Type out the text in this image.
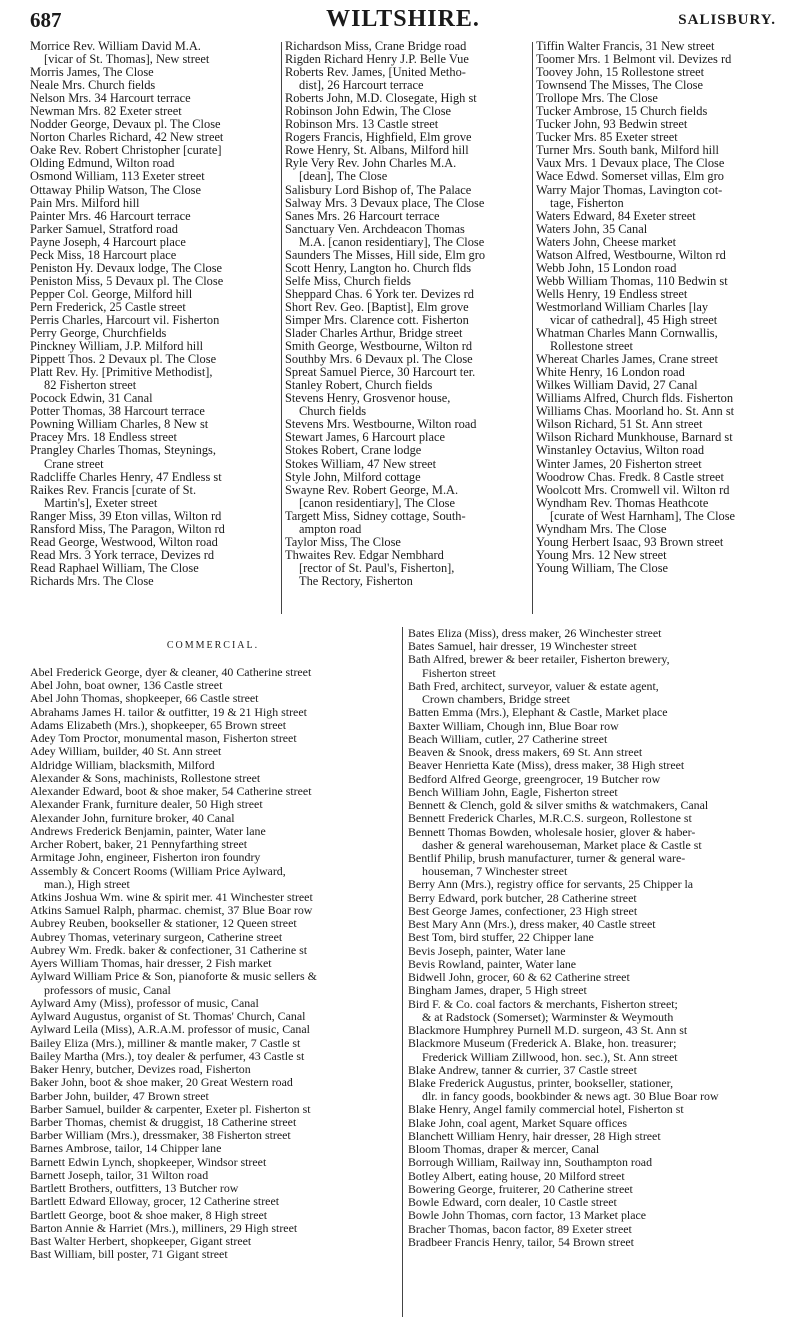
687	WILTSHIRE.	SALISBURY.
Morrice Rev. William David M.A.
[vicar of St. Thomas], New street
Morris James, The Close
Neale Mrs. Church fields
Nelson Mrs. 34 Harcourt terrace
Newman Mrs. 82 Exeter street
Nodder George, Devaux pl. The Close
Norton Charles Richard, 42 New street
Oake Rev. Robert Christopher [curate]
Olding Edmund, Wilton road
Osmond William, 113 Exeter street
Ottaway Philip Watson, The Close
Pain Mrs. Milford hill
Painter Mrs. 46 Harcourt terrace
Parker Samuel, Stratford road
Payne Joseph, 4 Harcourt place
Peck Miss, 18 Harcourt place
Peniston Hy. Devaux lodge, The Close
Peniston Miss, 5 Devaux pl. The Close
Pepper Col. George, Milford hill
Pern Frederick, 25 Castle street
Perris Charles, Harcourt vil. Fisherton
Perry George, Churchfields
Pinckney William, J.P. Milford hill
Pippett Thos. 2 Devaux pl. The Close
Platt Rev. Hy. [Primitive Methodist],
82 Fisherton street
Pocock Edwin, 31 Canal
Potter Thomas, 38 Harcourt terrace
Powning William Charles, 8 New st
Pracey Mrs. 18 Endless street
Prangley Charles Thomas, Steynings,
Crane street
Radcliffe Charles Henry, 47 Endless st
Raikes Rev. Francis [curate of St.
Martin's], Exeter street
Ranger Miss, 39 Eton villas, Wilton rd
Ransford Miss, The Paragon, Wilton rd
Read George, Westwood, Wilton road
Read Mrs. 3 York terrace, Devizes rd
Read Raphael William, The Close
Richards Mrs. The Close
Richardson Miss, Crane Bridge road
Rigden Richard Henry J.P. Belle Vue
Roberts Rev. James, [United Metho-
dist], 26 Harcourt terrace
Roberts John, M.D. Closegate, High st
Robinson John Edwin, The Close
Robinson Mrs. 13 Castle street
Rogers Francis, Highfield, Elm grove
Rowe Henry, St. Albans, Milford hill
Ryle Very Rev. John Charles M.A.
[dean], The Close
Salisbury Lord Bishop of, The Palace
Salway Mrs. 3 Devaux place, The Close
Sanes Mrs. 26 Harcourt terrace
Sanctuary Ven. Archdeacon Thomas
M.A. [canon residentiary], The Close
Saunders The Misses, Hill side, Elm gro
Scott Henry, Langton ho. Church flds
Selfe Miss, Church fields
Sheppard Chas. 6 York ter. Devizes rd
Short Rev. Geo. [Baptist], Elm grove
Simper Mrs. Clarence cott. Fisherton
Slader Charles Arthur, Bridge street
Smith George, Westbourne, Wilton rd
Southby Mrs. 6 Devaux pl. The Close
Spreat Samuel Pierce, 30 Harcourt ter.
Stanley Robert, Church fields
Stevens Henry, Grosvenor house,
Church fields
Stevens Mrs. Westbourne, Wilton road
Stewart James, 6 Harcourt place
Stokes Robert, Crane lodge
Stokes William, 47 New street
Style John, Milford cottage
Swayne Rev. Robert George, M.A.
[canon residentiary], The Close
Targett Miss, Sidney cottage, South-
ampton road
Taylor Miss, The Close
Thwaites Rev. Edgar Nembhard
[rector of St. Paul's, Fisherton],
The Rectory, Fisherton
Tiffin Walter Francis, 31 New street
Toomer Mrs. 1 Belmont vil. Devizes rd
Toovey John, 15 Rollestone street
Townsend The Misses, The Close
Trollope Mrs. The Close
Tucker Ambrose, 15 Church fields
Tucker John, 93 Bedwin street
Tucker Mrs. 85 Exeter street
Turner Mrs. South bank, Milford hill
Vaux Mrs. 1 Devaux place, The Close
Wace Edwd. Somerset villas, Elm gro
Warry Major Thomas, Lavington cot-
tage, Fisherton
Waters Edward, 84 Exeter street
Waters John, 35 Canal
Waters John, Cheese market
Watson Alfred, Westbourne, Wilton rd
Webb John, 15 London road
Webb William Thomas, 110 Bedwin st
Wells Henry, 19 Endless street
Westmorland William Charles [lay
vicar of cathedral], 45 High street
Whatman Charles Mann Cornwallis,
Rollestone street
Whereat Charles James, Crane street
White Henry, 16 London road
Wilkes William David, 27 Canal
Williams Alfred, Church flds. Fisherton
Williams Chas. Moorland ho. St. Ann st
Wilson Richard, 51 St. Ann street
Wilson Richard Munkhouse, Barnard st
Winstanley Octavius, Wilton road
Winter James, 20 Fisherton street
Woodrow Chas. Fredk. 8 Castle street
Woolcott Mrs. Cromwell vil. Wilton rd
Wyndham Rev. Thomas Heathcote
[curate of West Harnham], The Close
Wyndham Mrs. The Close
Young Herbert Isaac, 93 Brown street
Young Mrs. 12 New street
Young William, The Close
COMMERCIAL.
Abel Frederick George, dyer & cleaner, 40 Catherine street
Abel John, boat owner, 136 Castle street
Abel John Thomas, shopkeeper, 66 Castle street
Abrahams James H. tailor & outfitter, 19 & 21 High street
Adams Elizabeth (Mrs.), shopkeeper, 65 Brown street
Adey Tom Proctor, monumental mason, Fisherton street
Adey William, builder, 40 St. Ann street
Aldridge William, blacksmith, Milford
Alexander & Sons, machinists, Rollestone street
Alexander Edward, boot & shoe maker, 54 Catherine street
Alexander Frank, furniture dealer, 50 High street
Alexander John, furniture broker, 40 Canal
Andrews Frederick Benjamin, painter, Water lane
Archer Robert, baker, 21 Pennyfarthing street
Armitage John, engineer, Fisherton iron foundry
Assembly & Concert Rooms (William Price Aylward,
man.), High street
Atkins Joshua Wm. wine & spirit mer. 41 Winchester street
Atkins Samuel Ralph, pharmac. chemist, 37 Blue Boar row
Aubrey Reuben, bookseller & stationer, 12 Queen street
Aubrey Thomas, veterinary surgeon, Catherine street
Aubrey Wm. Fredk. baker & confectioner, 31 Catherine st
Ayers William Thomas, hair dresser, 2 Fish market
Aylward William Price & Son, pianoforte & music sellers &
professors of music, Canal
Aylward Amy (Miss), professor of music, Canal
Aylward Augustus, organist of St. Thomas' Church, Canal
Aylward Leila (Miss), A.R.A.M. professor of music, Canal
Bailey Eliza (Mrs.), milliner & mantle maker, 7 Castle st
Bailey Martha (Mrs.), toy dealer & perfumer, 43 Castle st
Baker Henry, butcher, Devizes road, Fisherton
Baker John, boot & shoe maker, 20 Great Western road
Barber John, builder, 47 Brown street
Barber Samuel, builder & carpenter, Exeter pl. Fisherton st
Barber Thomas, chemist & druggist, 18 Catherine street
Barber William (Mrs.), dressmaker, 38 Fisherton street
Barnes Ambrose, tailor, 14 Chipper lane
Barnett Edwin Lynch, shopkeeper, Windsor street
Barnett Joseph, tailor, 31 Wilton road
Bartlett Brothers, outfitters, 13 Butcher row
Bartlett Edward Elloway, grocer, 12 Catherine street
Bartlett George, boot & shoe maker, 8 High street
Barton Annie & Harriet (Mrs.), milliners, 29 High street
Bast Walter Herbert, shopkeeper, Gigant street
Bast William, bill poster, 71 Gigant street
Bates Eliza (Miss), dress maker, 26 Winchester street
Bates Samuel, hair dresser, 19 Winchester street
Bath Alfred, brewer & beer retailer, Fisherton brewery,
Fisherton street
Bath Fred, architect, surveyor, valuer & estate agent,
Crown chambers, Bridge street
Batten Emma (Mrs.), Elephant & Castle, Market place
Baxter William, Chough inn, Blue Boar row
Beach William, cutler, 27 Catherine street
Beaven & Snook, dress makers, 69 St. Ann street
Beaver Henrietta Kate (Miss), dress maker, 38 High street
Bedford Alfred George, greengrocer, 19 Butcher row
Bench William John, Eagle, Fisherton street
Bennett & Clench, gold & silver smiths & watchmakers, Canal
Bennett Frederick Charles, M.R.C.S. surgeon, Rollestone st
Bennett Thomas Bowden, wholesale hosier, glover & haber-
dasher & general warehouseman, Market place & Castle st
Bentlif Philip, brush manufacturer, turner & general ware-
houseman, 7 Winchester street
Berry Ann (Mrs.), registry office for servants, 25 Chipper la
Berry Edward, pork butcher, 28 Catherine street
Best George James, confectioner, 23 High street
Best Mary Ann (Mrs.), dress maker, 40 Castle street
Best Tom, bird stuffer, 22 Chipper lane
Bevis Joseph, painter, Water lane
Bevis Rowland, painter, Water lane
Bidwell John, grocer, 60 & 62 Catherine street
Bingham James, draper, 5 High street
Bird F. & Co. coal factors & merchants, Fisherton street;
& at Radstock (Somerset); Warminster & Weymouth
Blackmore Humphrey Purnell M.D. surgeon, 43 St. Ann st
Blackmore Museum (Frederick A. Blake, hon. treasurer;
Frederick William Zillwood, hon. sec.), St. Ann street
Blake Andrew, tanner & currier, 37 Castle street
Blake Frederick Augustus, printer, bookseller, stationer,
dlr. in fancy goods, bookbinder & news agt. 30 Blue Boar row
Blake Henry, Angel family commercial hotel, Fisherton st
Blake John, coal agent, Market Square offices
Blanchett William Henry, hair dresser, 28 High street
Bloom Thomas, draper & mercer, Canal
Borrough William, Railway inn, Southampton road
Botley Albert, eating house, 20 Milford street
Bowering George, fruiterer, 20 Catherine street
Bowle Edward, corn dealer, 10 Castle street
Bowle John Thomas, corn factor, 13 Market place
Bracher Thomas, bacon factor, 89 Exeter street
Bradbeer Francis Henry, tailor, 54 Brown street
